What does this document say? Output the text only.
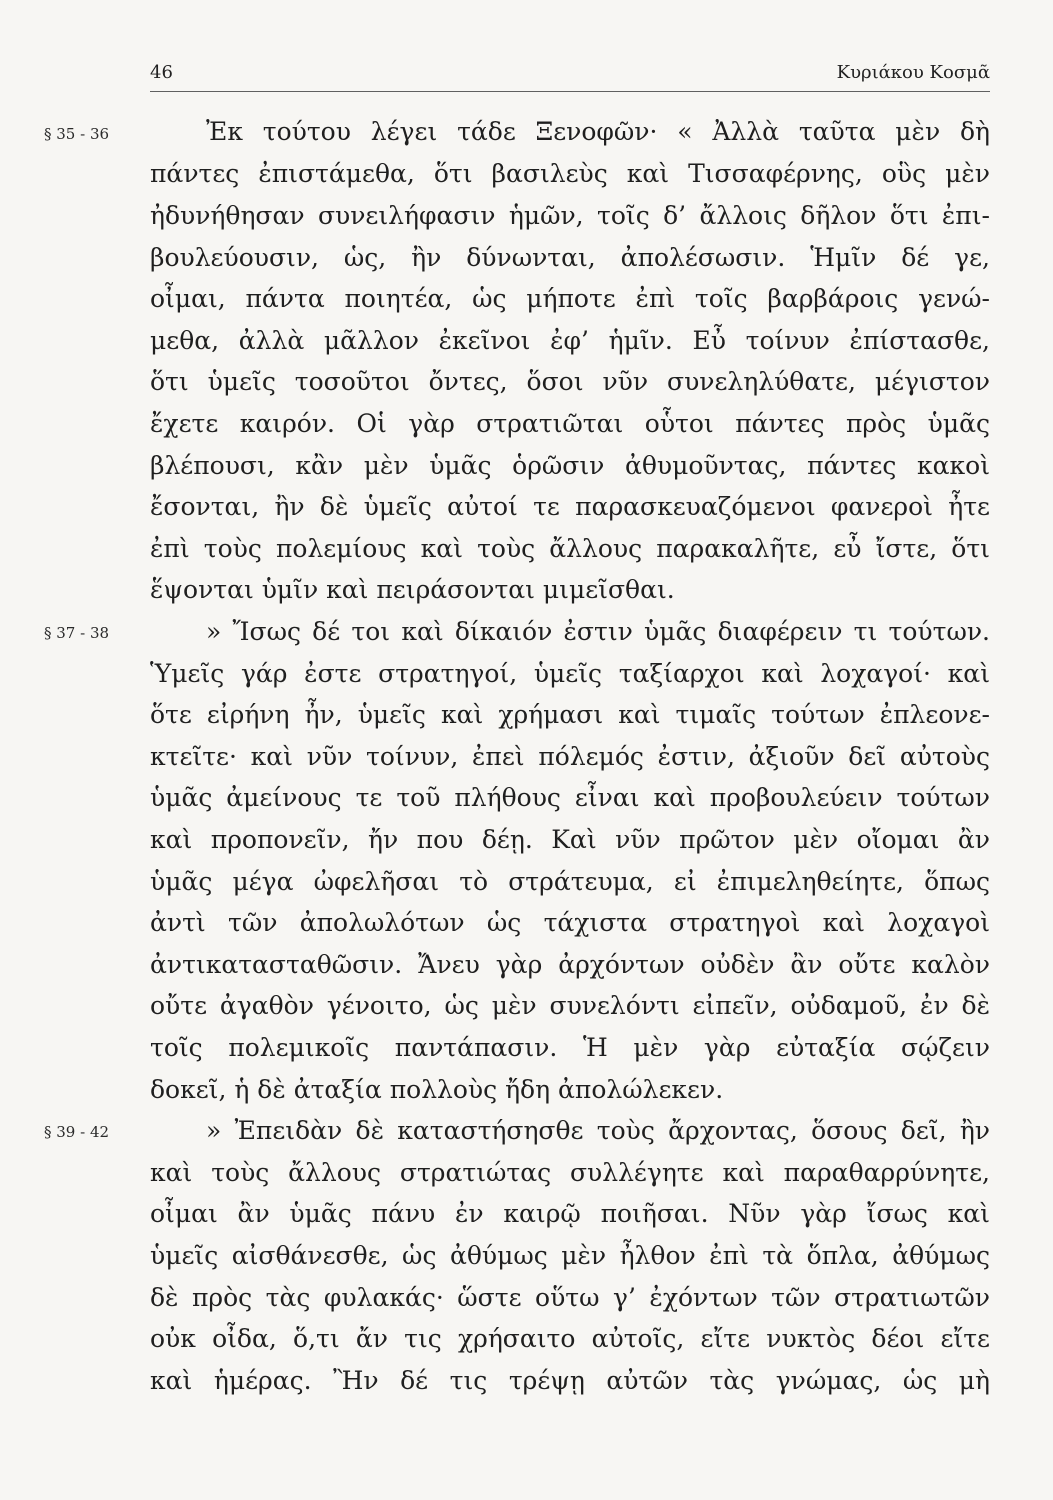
46	Κυριάκου Κοσμᾶ
§ 35 - 36
§ 37 - 38
§ 39 - 42
Ἐκ τούτου λέγει τάδε Ξενοφῶν· « Ἀλλὰ ταῦτα μὲν δὴ
πάντες ἐπιστάμεθα, ὅτι βασιλεὺς καὶ Τισσαφέρνης, οὓς μὲν
ἠδυνήθησαν συνειλήφασιν ἡμῶν, τοῖς δ’ ἄλλοις δῆλον ὅτι ἐπι-
βουλεύουσιν, ὡς, ἢν δύνωνται, ἀπολέσωσιν. Ἡμῖν δέ γε,
οἶμαι, πάντα ποιητέα, ὡς μήποτε ἐπὶ τοῖς βαρβάροις γενώ-
μεθα, ἀλλὰ μᾶλλον ἐκεῖνοι ἐφ’ ἡμῖν. Εὖ τοίνυν ἐπίστασθε,
ὅτι ὑμεῖς τοσοῦτοι ὄντες, ὅσοι νῦν συνεληλύθατε, μέγιστον
ἔχετε καιρόν. Οἱ γὰρ στρατιῶται οὗτοι πάντες πρὸς ὑμᾶς
βλέπουσι, κἂν μὲν ὑμᾶς ὁρῶσιν ἀθυμοῦντας, πάντες κακοὶ
ἔσονται, ἢν δὲ ὑμεῖς αὐτοί τε παρασκευαζόμενοι φανεροὶ ἦτε
ἐπὶ τοὺς πολεμίους καὶ τοὺς ἄλλους παρακαλῆτε, εὖ ἴστε, ὅτι
ἕψονται ὑμῖν καὶ πειράσονται μιμεῖσθαι.
» Ἴσως δέ τοι καὶ δίκαιόν ἐστιν ὑμᾶς διαφέρειν τι τούτων.
Ὑμεῖς γάρ ἐστε στρατηγοί, ὑμεῖς ταξίαρχοι καὶ λοχαγοί· καὶ
ὅτε εἰρήνη ἦν, ὑμεῖς καὶ χρήμασι καὶ τιμαῖς τούτων ἐπλεονε-
κτεῖτε· καὶ νῦν τοίνυν, ἐπεὶ πόλεμός ἐστιν, ἀξιοῦν δεῖ αὐτοὺς
ὑμᾶς ἀμείνους τε τοῦ πλήθους εἶναι καὶ προβουλεύειν τούτων
καὶ προπονεῖν, ἤν που δέῃ. Καὶ νῦν πρῶτον μὲν οἴομαι ἂν
ὑμᾶς μέγα ὠφελῆσαι τὸ στράτευμα, εἰ ἐπιμεληθείητε, ὅπως
ἀντὶ τῶν ἀπολωλότων ὡς τάχιστα στρατηγοὶ καὶ λοχαγοὶ
ἀντικατασταθῶσιν. Ἄνευ γὰρ ἀρχόντων οὐδὲν ἂν οὔτε καλὸν
οὔτε ἀγαθὸν γένοιτο, ὡς μὲν συνελόντι εἰπεῖν, οὐδαμοῦ, ἐν δὲ
τοῖς πολεμικοῖς παντάπασιν. Ἡ μὲν γὰρ εὐταξία σῴζειν
δοκεῖ, ἡ δὲ ἀταξία πολλοὺς ἤδη ἀπολώλεκεν.
» Ἐπειδὰν δὲ καταστήσησθε τοὺς ἄρχοντας, ὅσους δεῖ, ἢν
καὶ τοὺς ἄλλους στρατιώτας συλλέγητε καὶ παραθαρρύνητε,
οἶμαι ἂν ὑμᾶς πάνυ ἐν καιρῷ ποιῆσαι. Νῦν γὰρ ἴσως καὶ
ὑμεῖς αἰσθάνεσθε, ὡς ἀθύμως μὲν ἦλθον ἐπὶ τὰ ὅπλα, ἀθύμως
δὲ πρὸς τὰς φυλακάς· ὥστε οὕτω γ’ ἐχόντων τῶν στρατιωτῶν
οὐκ οἶδα, ὅ,τι ἄν τις χρήσαιτο αὐτοῖς, εἴτε νυκτὸς δέοι εἴτε
καὶ ἡμέρας. Ἢν δέ τις τρέψῃ αὐτῶν τὰς γνώμας, ὡς μὴ
